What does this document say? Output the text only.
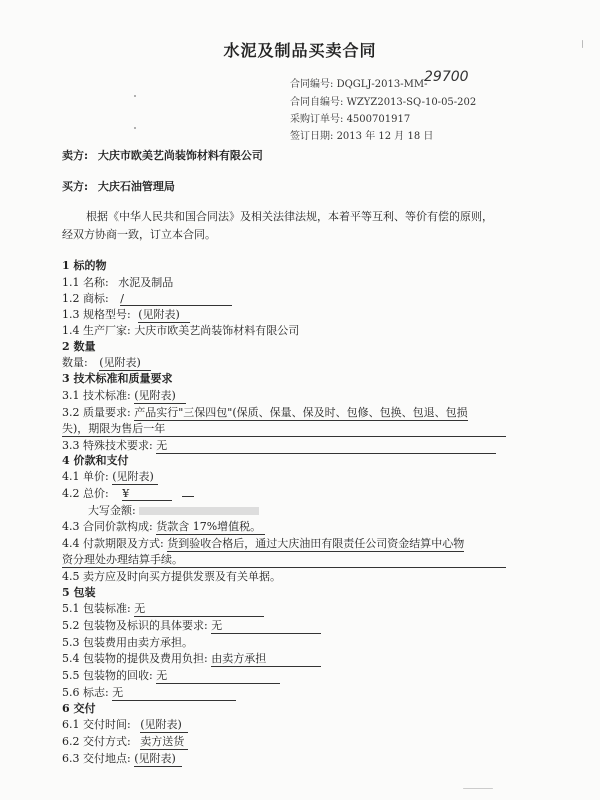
水泥及制品买卖合同
合同编号: DQGLJ-2013-MM-
29700
合同自编号: WZYZ2013-SQ-10-05-202
采购订单号: 4500701917
签订日期: 2013 年 12 月 18 日
卖方: 大庆市欧美艺尚装饰材料有限公司
买方: 大庆石油管理局
根据《中华人民共和国合同法》及相关法律法规，本着平等互利、等价有偿的原则，
经双方协商一致，订立本合同。
1 标的物
1.1 名称: 水泥及制品
1.2 商标: /
1.3 规格型号: (见附表)
1.4 生产厂家: 大庆市欧美艺尚装饰材料有限公司
2 数量
数量: (见附表)
3 技术标准和质量要求
3.1 技术标准: (见附表)
3.2 质量要求: 产品实行"三保四包"(保质、保量、保及时、包修、包换、包退、包损
失)，期限为售后一年
3.3 特殊技术要求: 无
4 价款和支付
4.1 单价: (见附表)
4.2 总价: ¥
大写金额:
4.3 合同价款构成: 货款含 17%增值税。
4.4 付款期限及方式: 货到验收合格后，通过大庆油田有限责任公司资金结算中心物
资分理处办理结算手续。
4.5 卖方应及时向买方提供发票及有关单据。
5 包装
5.1 包装标准: 无
5.2 包装物及标识的具体要求: 无
5.3 包装费用由卖方承担。
5.4 包装物的提供及费用负担: 由卖方承担
5.5 包装物的回收: 无
5.6 标志: 无
6 交付
6.1 交付时间: (见附表)
6.2 交付方式: 卖方送货
6.3 交付地点: (见附表)
